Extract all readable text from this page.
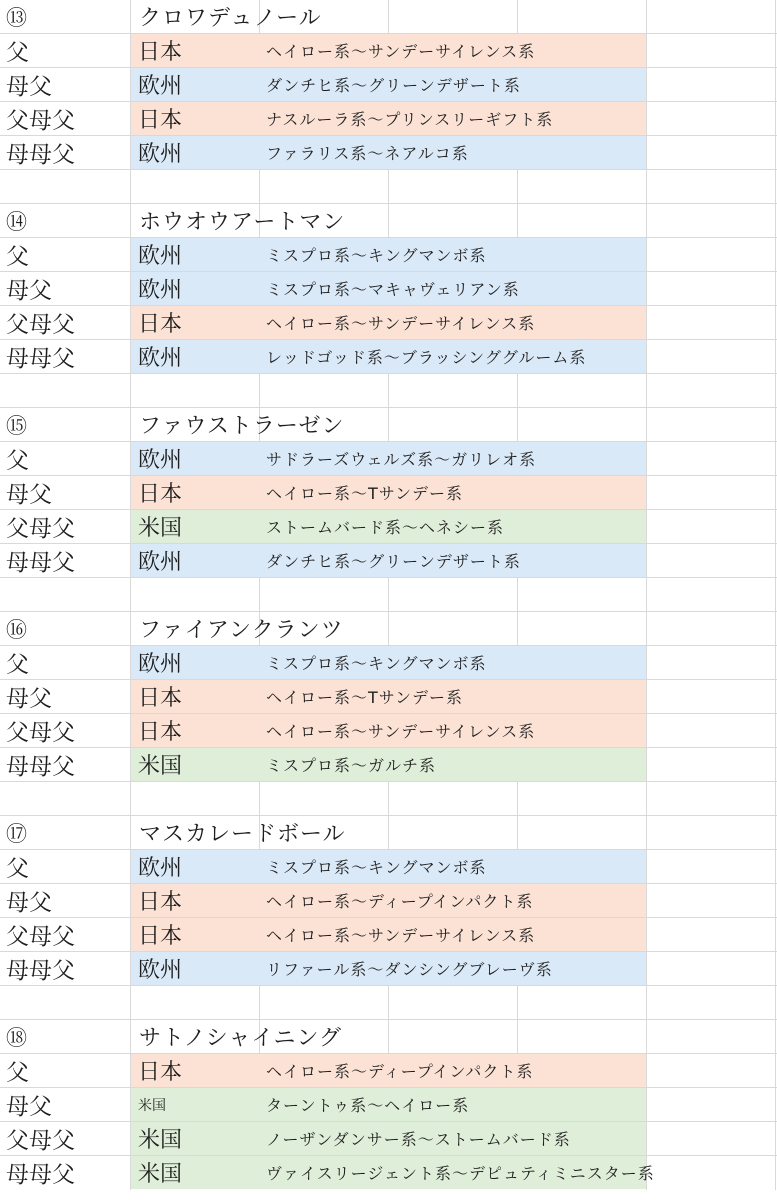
⑬	クロワデュノール
父	日本	ヘイロー系～サンデーサイレンス系
母父	欧州	ダンチヒ系～グリーンデザート系
父母父	日本	ナスルーラ系～プリンスリーギフト系
母母父	欧州	ファラリス系～ネアルコ系
⑭	ホウオウアートマン
父	欧州	ミスプロ系～キングマンボ系
母父	欧州	ミスプロ系～マキャヴェリアン系
父母父	日本	ヘイロー系～サンデーサイレンス系
母母父	欧州	レッドゴッド系～ブラッシンググルーム系
⑮	ファウストラーゼン
父	欧州	サドラーズウェルズ系～ガリレオ系
母父	日本	ヘイロー系～Tサンデー系
父母父	米国	ストームバード系～ヘネシー系
母母父	欧州	ダンチヒ系～グリーンデザート系
⑯	ファイアンクランツ
父	欧州	ミスプロ系～キングマンボ系
母父	日本	ヘイロー系～Tサンデー系
父母父	日本	ヘイロー系～サンデーサイレンス系
母母父	米国	ミスプロ系～ガルチ系
⑰	マスカレードボール
父	欧州	ミスプロ系～キングマンボ系
母父	日本	ヘイロー系～ディープインパクト系
父母父	日本	ヘイロー系～サンデーサイレンス系
母母父	欧州	リファール系～ダンシングブレーヴ系
⑱	サトノシャイニング
父	日本	ヘイロー系～ディープインパクト系
母父	米国	ターントゥ系～ヘイロー系
父母父	米国	ノーザンダンサー系～ストームバード系
母母父	米国	ヴァイスリージェント系～デピュティミニスター系
